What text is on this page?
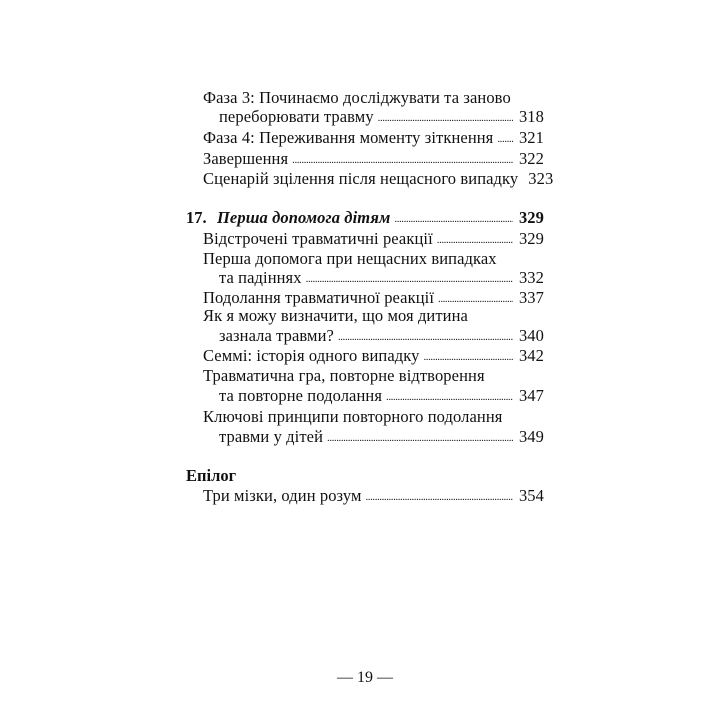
Фаза 3: Починаємо досліджувати та заново
переборювати травму . . .	318
Фаза 4: Переживання моменту зіткнення . . . 321
Завершення . . .	322
Сценарій зцілення після нещасного випадку 323
17. Перша допомога дітям . . .	329
Відстрочені травматичні реакції . . .	329
Перша допомога при нещасних випадках
та падіннях . . .	332
Подолання травматичної реакції . . .	337
Як я можу визначити, що моя дитина
зазнала травми? . . .	340
Семмі: історія одного випадку . . .	342
Травматична гра, повторне відтворення
та повторне подолання . . .	347
Ключові принципи повторного подолання
травми у дітей . . .	349
Епілог
Три мізки, один розум . . .	354
— 19 —
